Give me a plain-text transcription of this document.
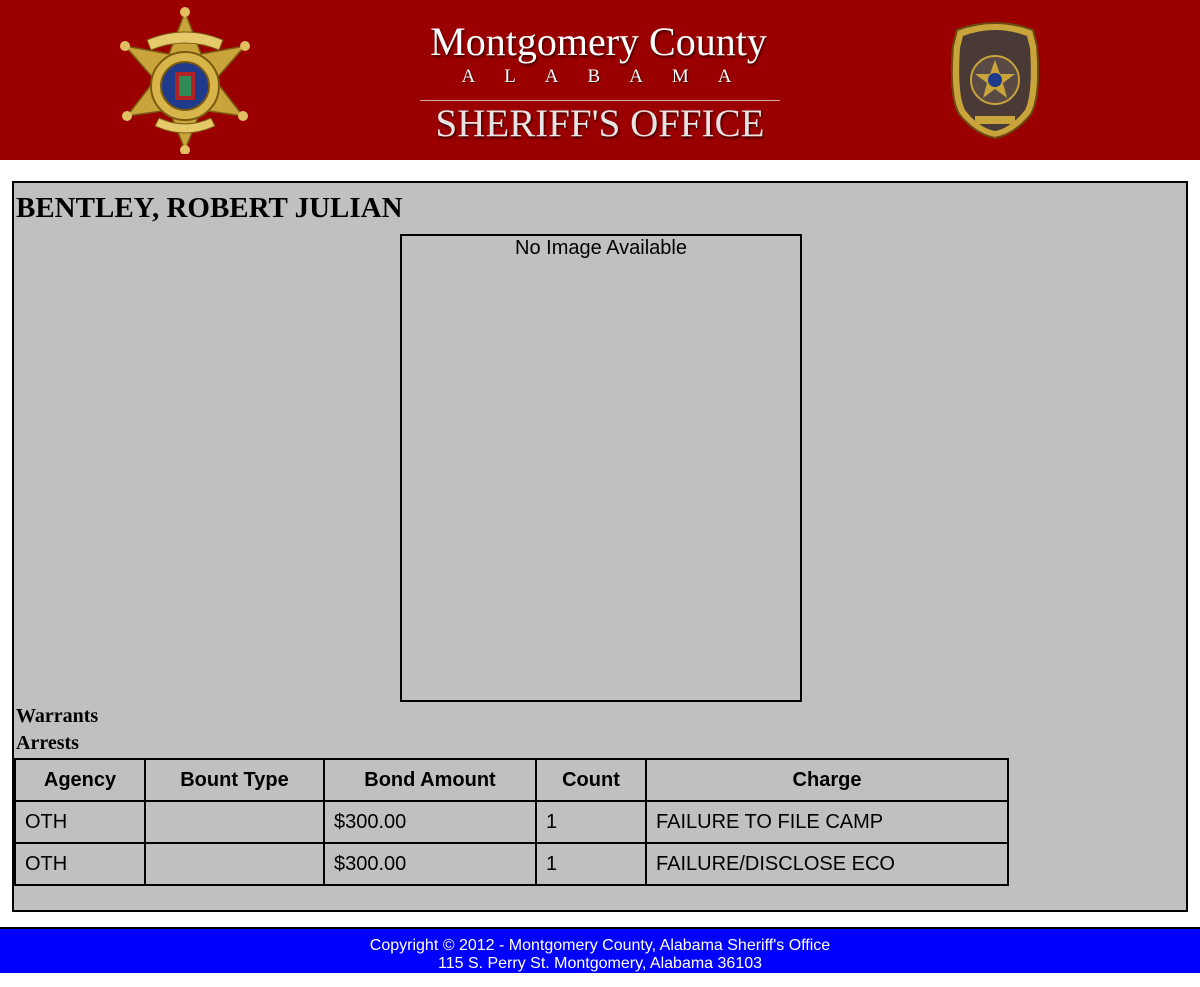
Montgomery County
ALABAMA
SHERIFF'S OFFICE
BENTLEY, ROBERT JULIAN
No Image Available
Warrants
Arrests
Agency	Bount Type	Bond Amount	Count	Charge
OTH		$300.00	1	FAILURE TO FILE CAMP
OTH		$300.00	1	FAILURE/DISCLOSE ECO
Copyright © 2012 - Montgomery County, Alabama Sheriff's Office
115 S. Perry St. Montgomery, Alabama 36103
